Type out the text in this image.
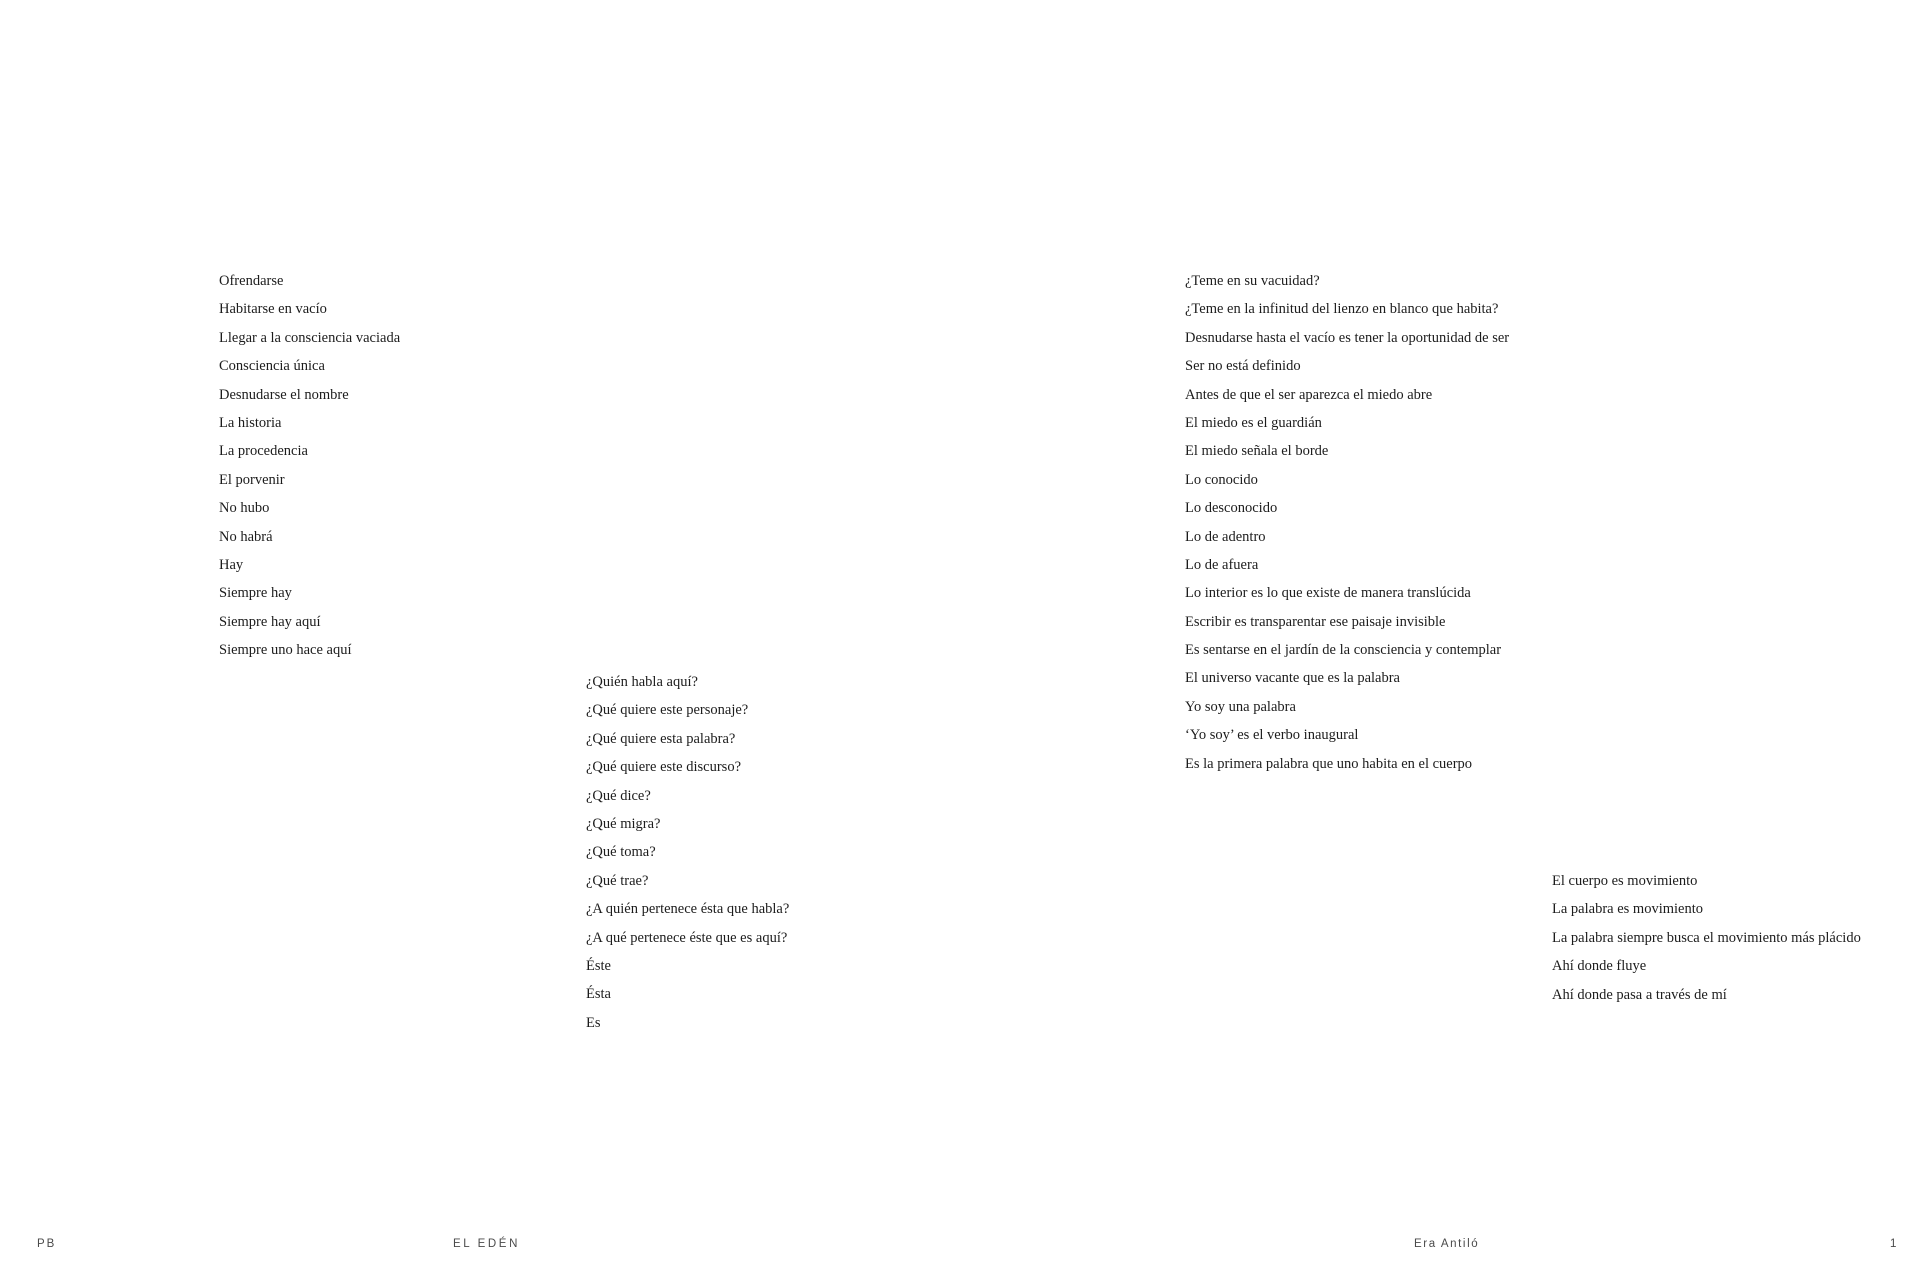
Ofrendarse
Habitarse en vacío
Llegar a la consciencia vaciada
Consciencia única
Desnudarse el nombre
La historia
La procedencia
El porvenir
No hubo
No habrá
Hay
Siempre hay
Siempre hay aquí
Siempre uno hace aquí
¿Quién habla aquí?
¿Qué quiere este personaje?
¿Qué quiere esta palabra?
¿Qué quiere este discurso?
¿Qué dice?
¿Qué migra?
¿Qué toma?
¿Qué trae?
¿A quién pertenece ésta que habla?
¿A qué pertenece éste que es aquí?
Éste
Ésta
Es
¿Teme en su vacuidad?
¿Teme en la infinitud del lienzo en blanco que habita?
Desnudarse hasta el vacío es tener la oportunidad de ser
Ser no está definido
Antes de que el ser aparezca el miedo abre
El miedo es el guardián
El miedo señala el borde
Lo conocido
Lo desconocido
Lo de adentro
Lo de afuera
Lo interior es lo que existe de manera translúcida
Escribir es transparentar ese paisaje invisible
Es sentarse en el jardín de la consciencia y contemplar
El universo vacante que es la palabra
Yo soy una palabra
‘Yo soy’ es el verbo inaugural
Es la primera palabra que uno habita en el cuerpo
El cuerpo es movimiento
La palabra es movimiento
La palabra siempre busca el movimiento más plácido
Ahí donde fluye
Ahí donde pasa a través de mí
PB	EL EDÉN	Era Antiló	1
